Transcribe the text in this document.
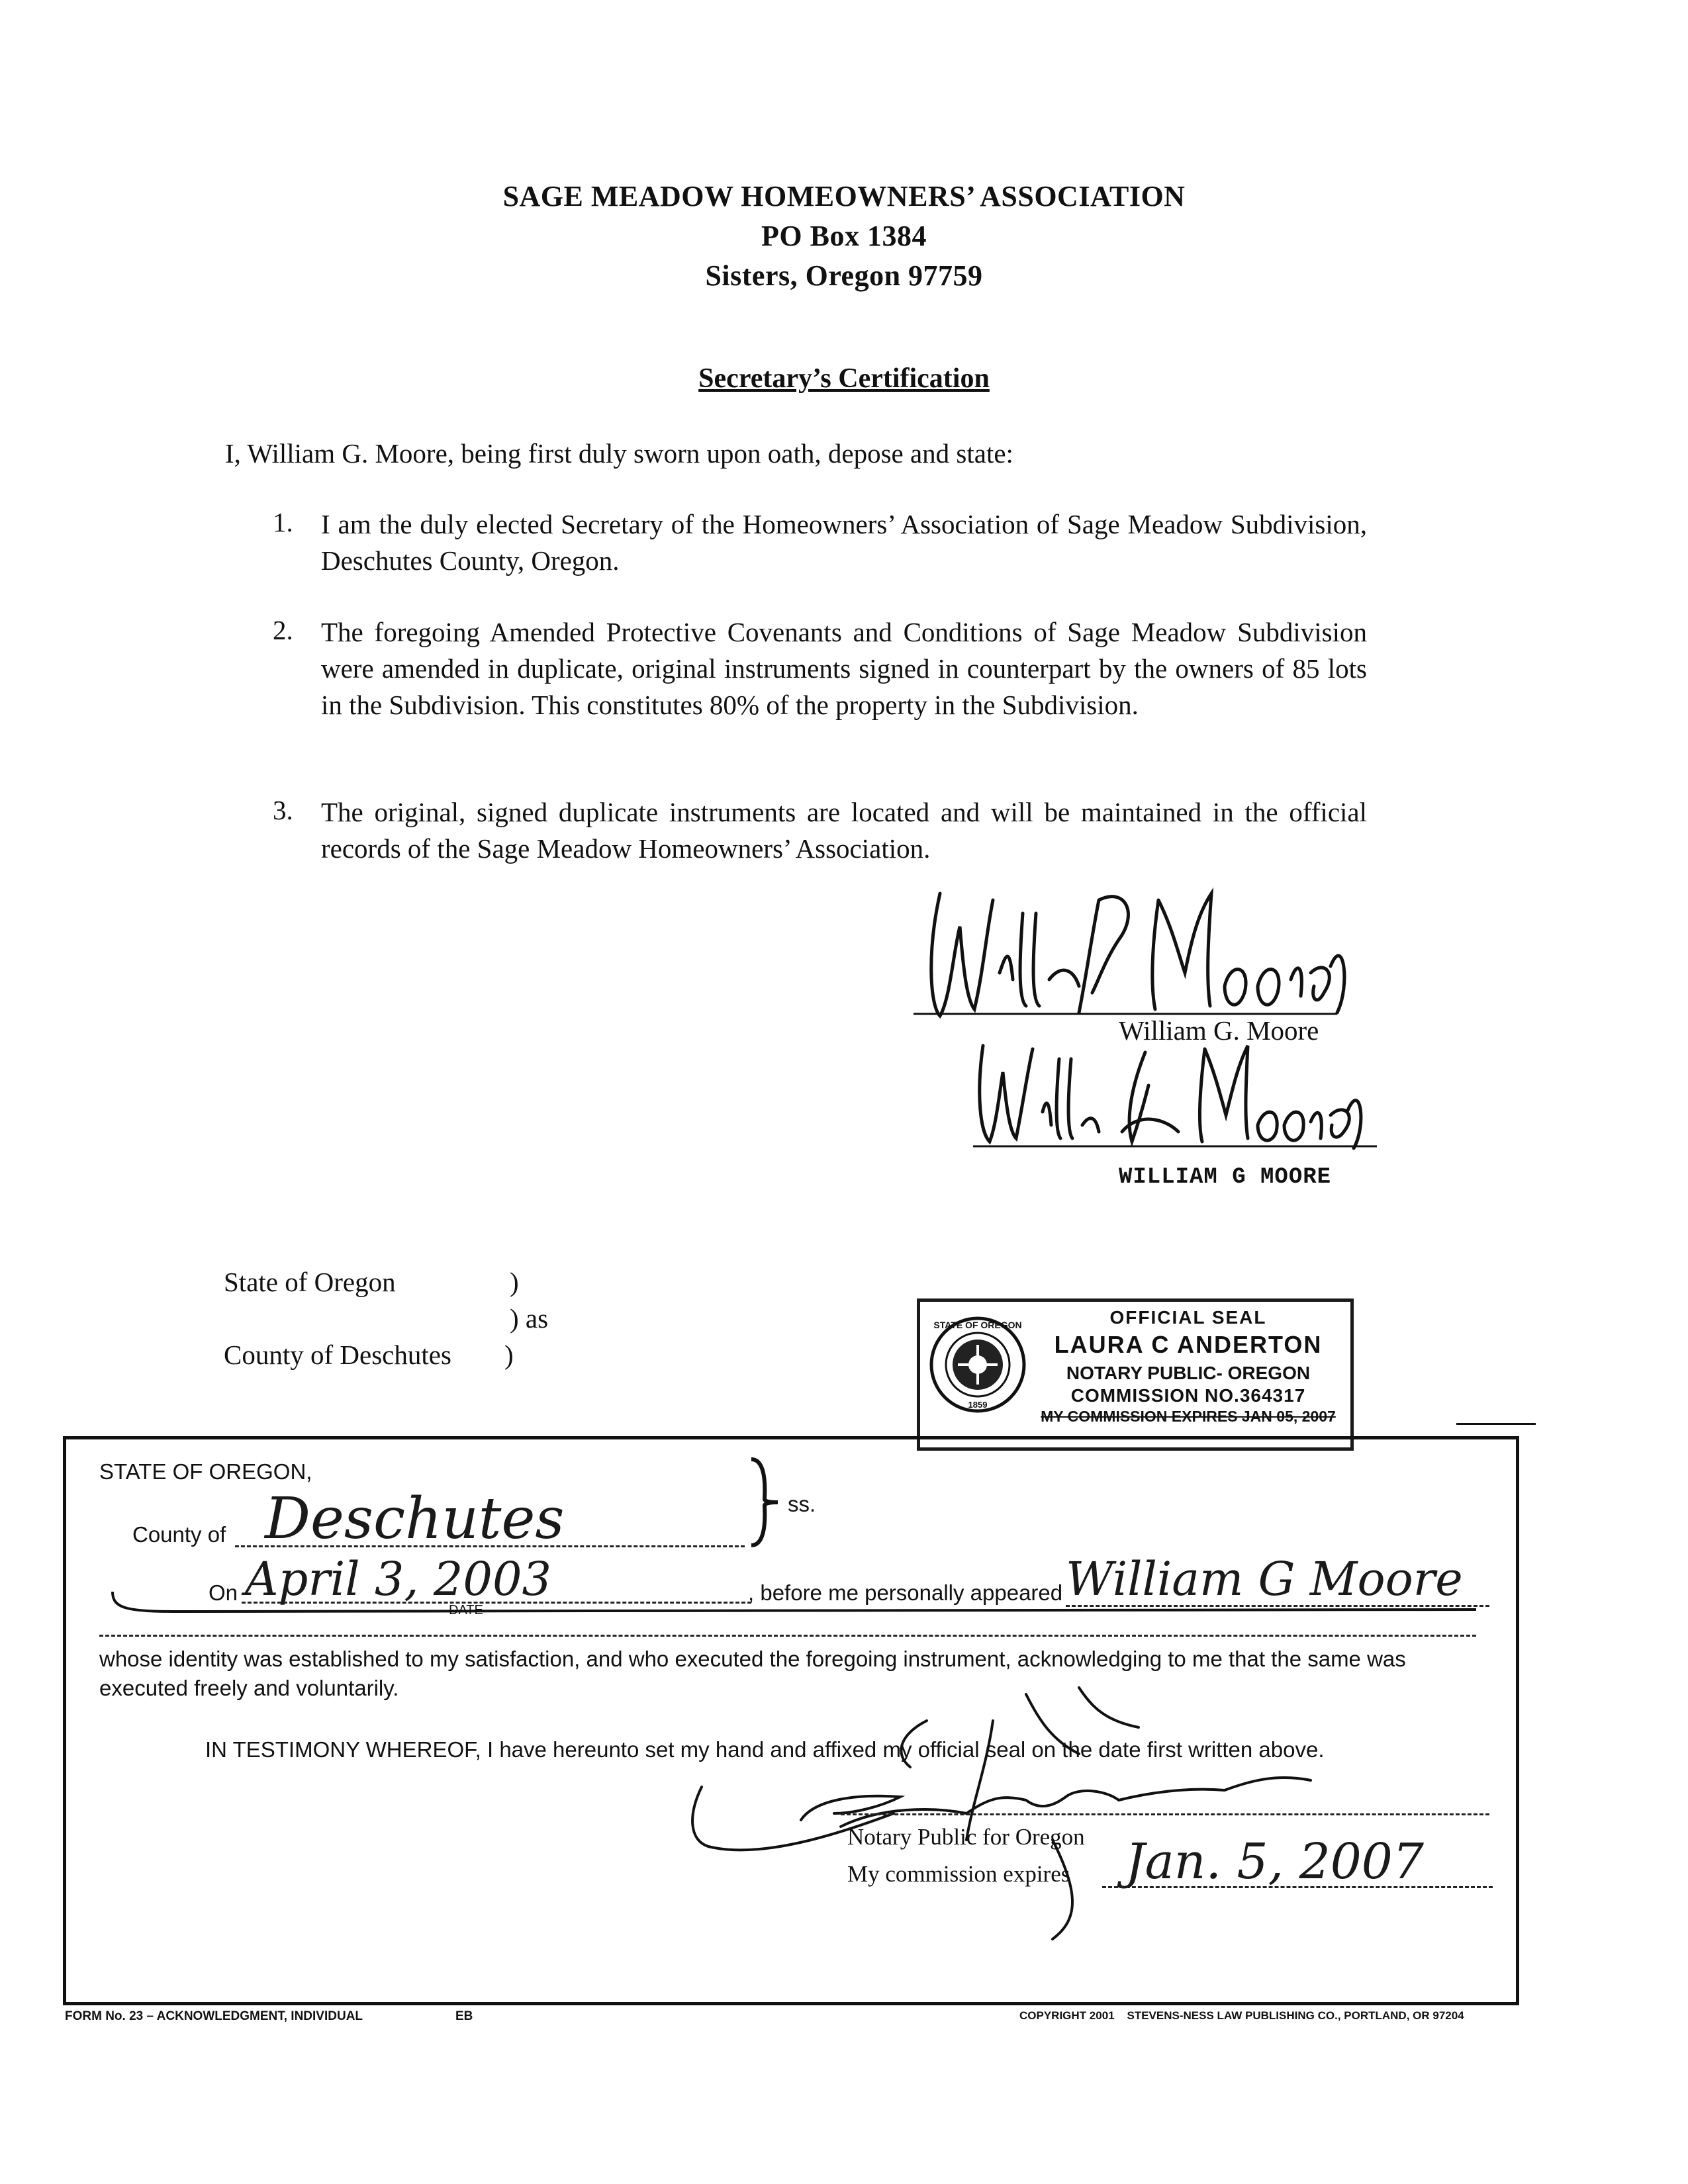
SAGE MEADOW HOMEOWNERS’ ASSOCIATION
PO Box 1384
Sisters, Oregon 97759
Secretary’s Certification
I, William G. Moore, being first duly sworn upon oath, depose and state:
1. I am the duly elected Secretary of the Homeowners’ Association of Sage Meadow Subdivision, Deschutes County, Oregon.
2. The foregoing Amended Protective Covenants and Conditions of Sage Meadow Subdivision were amended in duplicate, original instruments signed in counterpart by the owners of 85 lots in the Subdivision. This constitutes 80% of the property in the Subdivision.
3. The original, signed duplicate instruments are located and will be maintained in the official records of the Sage Meadow Homeowners’ Association.
William G. Moore
WILLIAM G MOORE
State of Oregon	)
) as
County of Deschutes )
STATE OF OREGON
1859
OFFICIAL SEAL
LAURA C ANDERTON
NOTARY PUBLIC- OREGON
COMMISSION NO.364317
MY COMMISSION EXPIRES JAN 05, 2007
STATE OF OREGON,
County of Deschutes	ss.
On April 3, 2003
DATE
, before me personally appeared William G Moore
whose identity was established to my satisfaction, and who executed the foregoing instrument, acknowledging to me that the same was executed freely and voluntarily.
IN TESTIMONY WHEREOF, I have hereunto set my hand and affixed my official seal on the date first written above.
Notary Public for Oregon
My commission expires Jan. 5, 2007
FORM No. 23 – ACKNOWLEDGMENT, INDIVIDUAL	EB	COPYRIGHT 2001    STEVENS-NESS LAW PUBLISHING CO., PORTLAND, OR 97204
